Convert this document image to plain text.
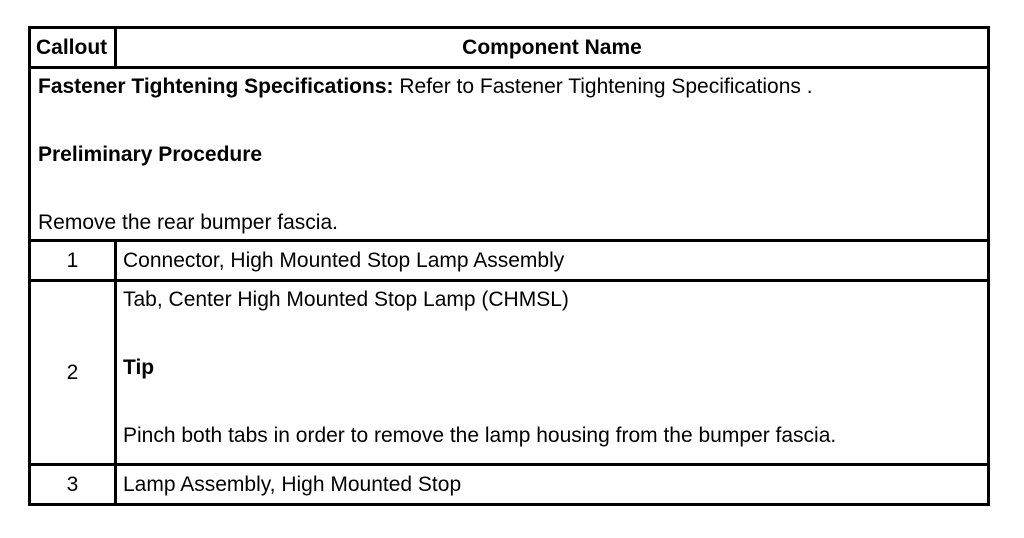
Callout	Component Name

Fastener Tightening Specifications: Refer to Fastener Tightening Specifications .
Preliminary Procedure
Remove the rear bumper fascia.	

1	Connector, High Mounted Stop Lamp Assembly
2	Tab, Center High Mounted Stop Lamp (CHMSL)
Tip
Pinch both tabs in order to remove the lamp housing from the bumper fascia.

3	Lamp Assembly, High Mounted Stop
